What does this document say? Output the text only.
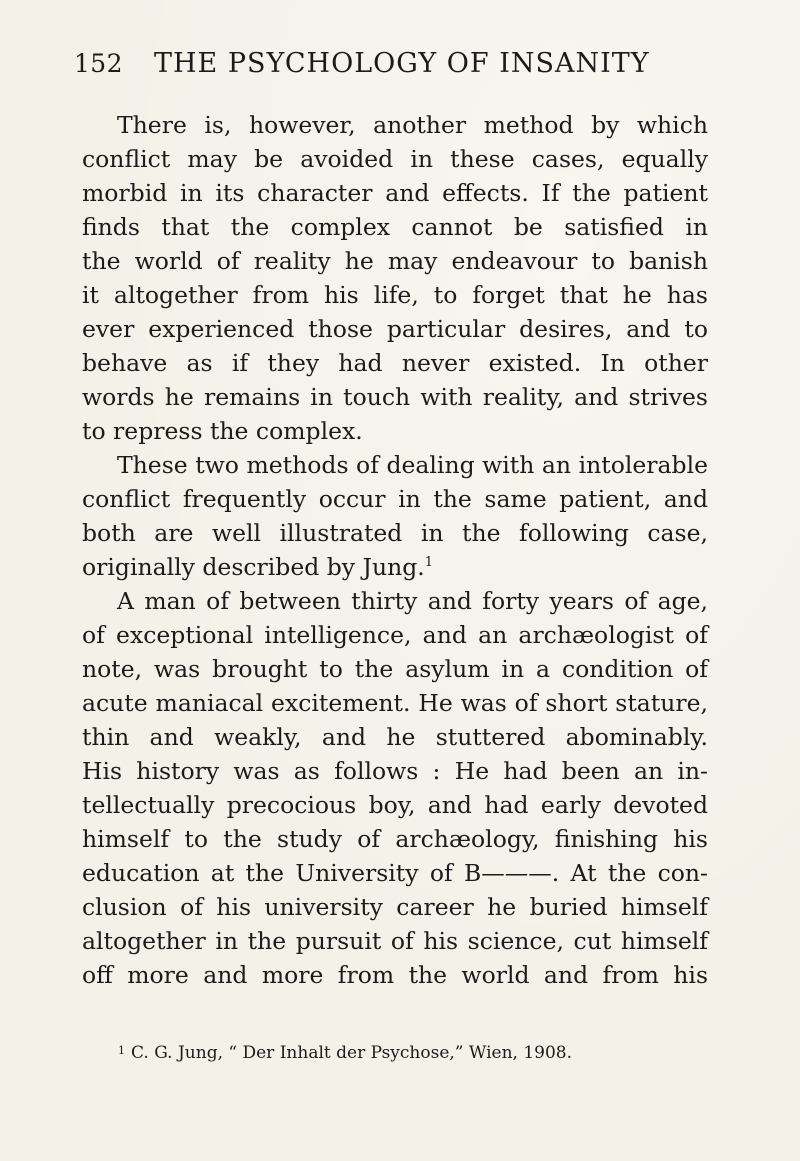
152 THE PSYCHOLOGY OF INSANITY
There is, however, another method by which
conflict may be avoided in these cases, equally
morbid in its character and effects. If the patient
finds that the complex cannot be satisfied in
the world of reality he may endeavour to banish
it altogether from his life, to forget that he has
ever experienced those particular desires, and to
behave as if they had never existed. In other
words he remains in touch with reality, and strives
to repress the complex.
These two methods of dealing with an intolerable
conflict frequently occur in the same patient, and
both are well illustrated in the following case,
originally described by Jung.$^1$
A man of between thirty and forty years of age,
of exceptional intelligence, and an archæologist of
note, was brought to the asylum in a condition of
acute maniacal excitement. He was of short stature,
thin and weakly, and he stuttered abominably.
His history was as follows : He had been an in-
tellectually precocious boy, and had early devoted
himself to the study of archæology, finishing his
education at the University of B———. At the con-
clusion of his university career he buried himself
altogether in the pursuit of his science, cut himself
off more and more from the world and from his
$^1$ C. G. Jung, “ Der Inhalt der Psychose,” Wien, 1908.
